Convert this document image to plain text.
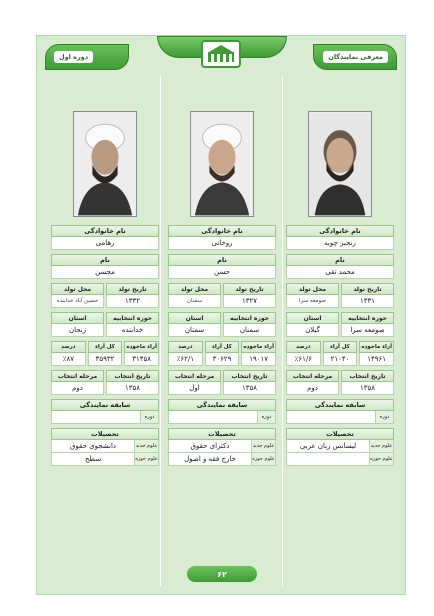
معرفی نمایندگان
دوره اول
نام خانوادگی
رنجبر چوبه
نام
محمد تقی
تاریخ تولد
۱۳۳۱
محل تولد
صومعه سرا
حوزه انتخابیه
صومعه سرا
استان
گیلان
آراء ماخوذه
۱۴۹۶۱
کل آراء
۲۱۰۴۰
درصد
٪۶۱/۶
تاریخ انتخاب
۱۳۵۸
مرحله انتخاب
دوم
سابقه نمایندگی
دوره
تحصیلات
علوم جدید
لیسانس زبان عربی
علوم حوزه
نام خانوادگی
روحانی
نام
حسن
تاریخ تولد
۱۳۲۷
محل تولد
سمنان
حوزه انتخابیه
سمنان
استان
سمنان
آراء ماخوذه
۱۹۰۱۷
کل آراء
۳۰۶۲۹
درصد
٪۶۲/۱
تاریخ انتخاب
۱۳۵۸
مرحله انتخاب
اول
سابقه نمایندگی
دوره
تحصیلات
علوم جدید
دکترای حقوق
علوم حوزه
خارج فقه و اصول
نام خانوادگی
رهامی
نام
محسن
تاریخ تولد
۱۳۳۲
محل تولد
حسین آباد خدابنده
حوزه انتخابیه
خدابنده
استان
زنجان
آراء ماخوذه
۳۱۴۵۸
کل آراء
۳۵۹۳۲
درصد
٪۸۷
تاریخ انتخاب
۱۳۵۸
مرحله انتخاب
دوم
سابقه نمایندگی
دوره
تحصیلات
علوم جدید
دانشجوی حقوق
علوم حوزه
سطح
۶۲
